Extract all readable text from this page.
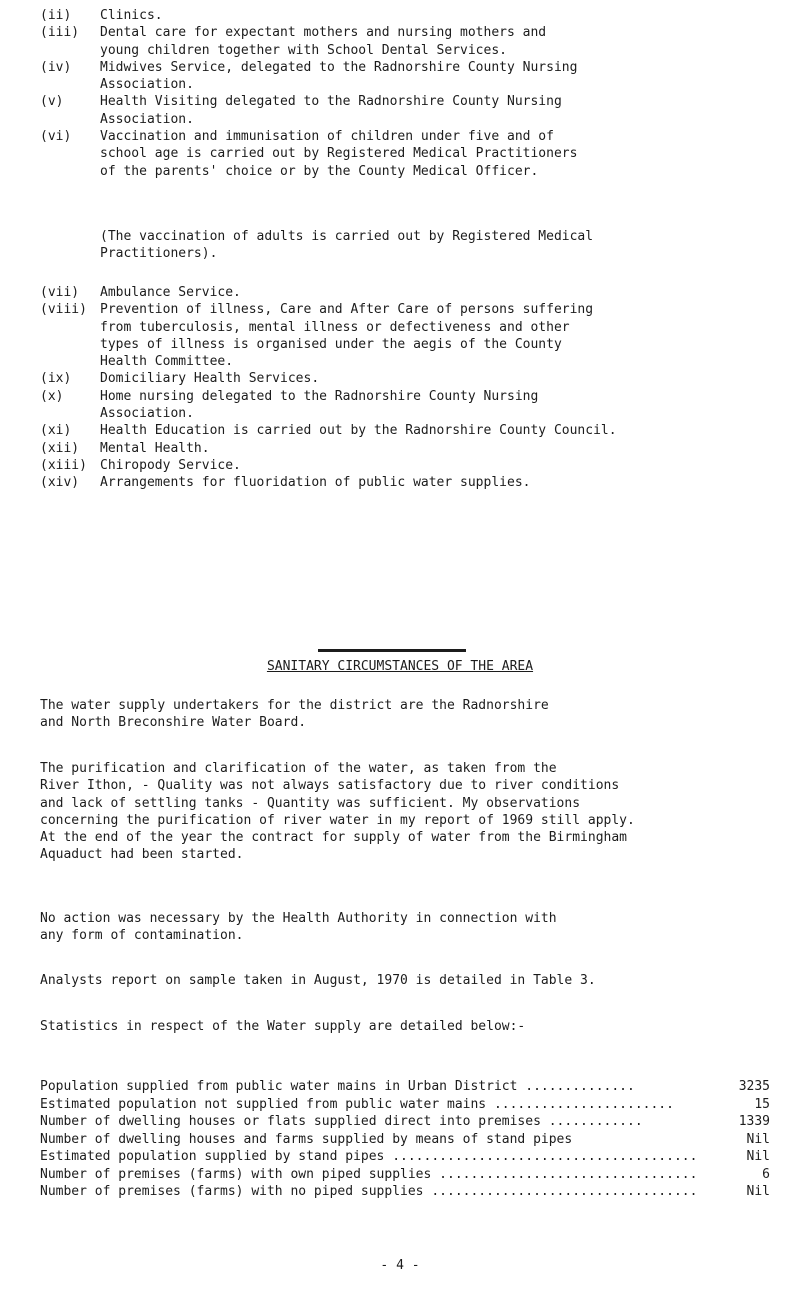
(ii)	Clinics.
(iii)	Dental care for expectant mothers and nursing mothers and
young children together with School Dental Services.
(iv)	Midwives Service, delegated to the Radnorshire County Nursing
Association.
(v)	Health Visiting delegated to the Radnorshire County Nursing
Association.
(vi)	Vaccination and immunisation of children under five and of
school age is carried out by Registered Medical Practitioners
of the parents' choice or by the County Medical Officer.
(The vaccination of adults is carried out by Registered Medical
Practitioners).
(vii)	Ambulance Service.
(viii)	Prevention of illness, Care and After Care of persons suffering
from tuberculosis, mental illness or defectiveness and other
types of illness is organised under the aegis of the County
Health Committee.
(ix)	Domiciliary Health Services.
(x)	Home nursing delegated to the Radnorshire County Nursing
Association.
(xi)	Health Education is carried out by the Radnorshire County Council.
(xii)	Mental Health.
(xiii)	Chiropody Service.
(xiv)	Arrangements for fluoridation of public water supplies.
SANITARY CIRCUMSTANCES OF THE AREA
The water supply undertakers for the district are the Radnorshire
and North Breconshire Water Board.
The purification and clarification of the water, as taken from the
River Ithon, - Quality was not always satisfactory due to river conditions
and lack of settling tanks - Quantity was sufficient. My observations
concerning the purification of river water in my report of 1969 still apply.
At the end of the year the contract for supply of water from the Birmingham
Aquaduct had been started.
No action was necessary by the Health Authority in connection with
any form of contamination.
Analysts report on sample taken in August, 1970 is detailed in Table 3.
Statistics in respect of the Water supply are detailed below:-
Population supplied from public water mains in Urban District ..............	3235
Estimated population not supplied from public water mains .......................	15
Number of dwelling houses or flats supplied direct into premises ............	1339
Number of dwelling houses and farms supplied by means of stand pipes	Nil
Estimated population supplied by stand pipes .......................................	Nil
Number of premises (farms) with own piped supplies .................................	6
Number of premises (farms) with no piped supplies ..................................	Nil
- 4 -
